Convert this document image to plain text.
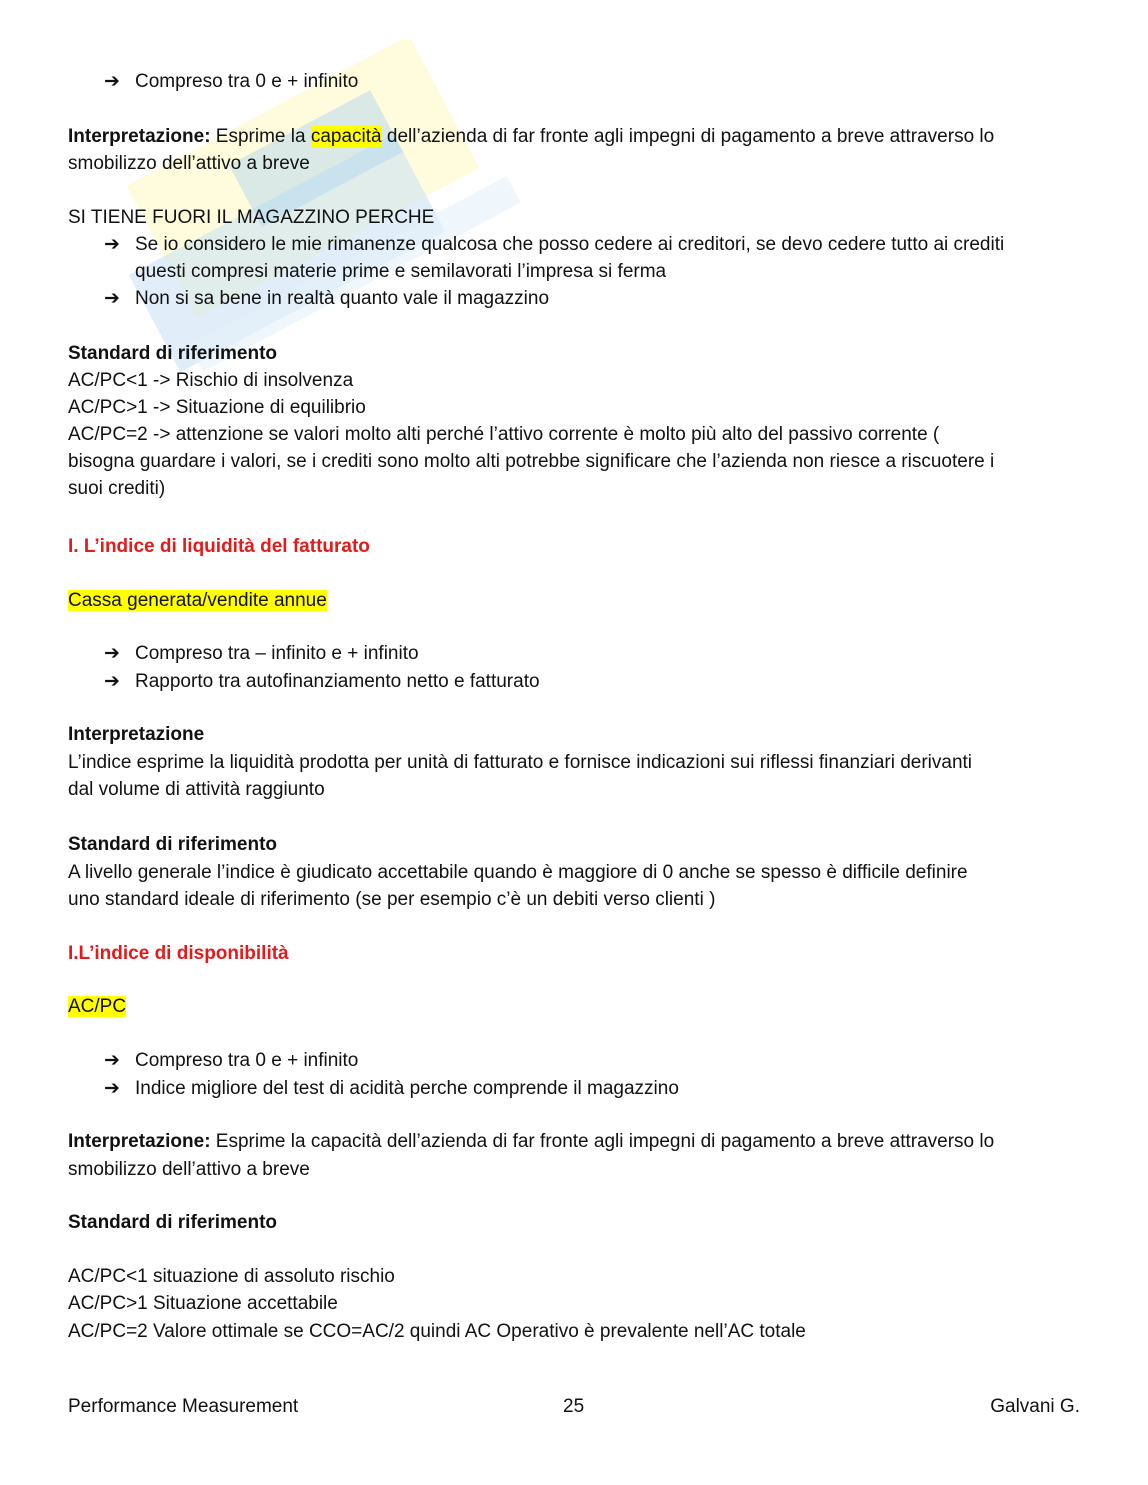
➔ Compreso tra 0 e + infinito
Interpretazione: Esprime la capacità dell’azienda di far fronte agli impegni di pagamento a breve attraverso lo
smobilizzo dell’attivo a breve
SI TIENE FUORI IL MAGAZZINO PERCHE
➔ Se io considero le mie rimanenze qualcosa che posso cedere ai creditori, se devo cedere tutto ai crediti
questi compresi materie prime e semilavorati l’impresa si ferma
➔ Non si sa bene in realtà quanto vale il magazzino
Standard di riferimento
AC/PC<1 -> Rischio di insolvenza
AC/PC>1 -> Situazione di equilibrio
AC/PC=2 -> attenzione se valori molto alti perché l’attivo corrente è molto più alto del passivo corrente (
bisogna guardare i valori, se i crediti sono molto alti potrebbe significare che l’azienda non riesce a riscuotere i
suoi crediti)
I. L’indice di liquidità del fatturato
Cassa generata/vendite annue
➔ Compreso tra – infinito e + infinito
➔ Rapporto tra autofinanziamento netto e fatturato
Interpretazione
L’indice esprime la liquidità prodotta per unità di fatturato e fornisce indicazioni sui riflessi finanziari derivanti
dal volume di attività raggiunto
Standard di riferimento
A livello generale l’indice è giudicato accettabile quando è maggiore di 0 anche se spesso è difficile definire
uno standard ideale di riferimento (se per esempio c’è un debiti verso clienti )
I.L’indice di disponibilità
AC/PC
➔ Compreso tra 0 e + infinito
➔ Indice migliore del test di acidità perche comprende il magazzino
Interpretazione: Esprime la capacità dell’azienda di far fronte agli impegni di pagamento a breve attraverso lo
smobilizzo dell’attivo a breve
Standard di riferimento
AC/PC<1 situazione di assoluto rischio
AC/PC>1 Situazione accettabile
AC/PC=2 Valore ottimale se CCO=AC/2 quindi AC Operativo è prevalente nell’AC totale
Performance Measurement	25	Galvani G.
